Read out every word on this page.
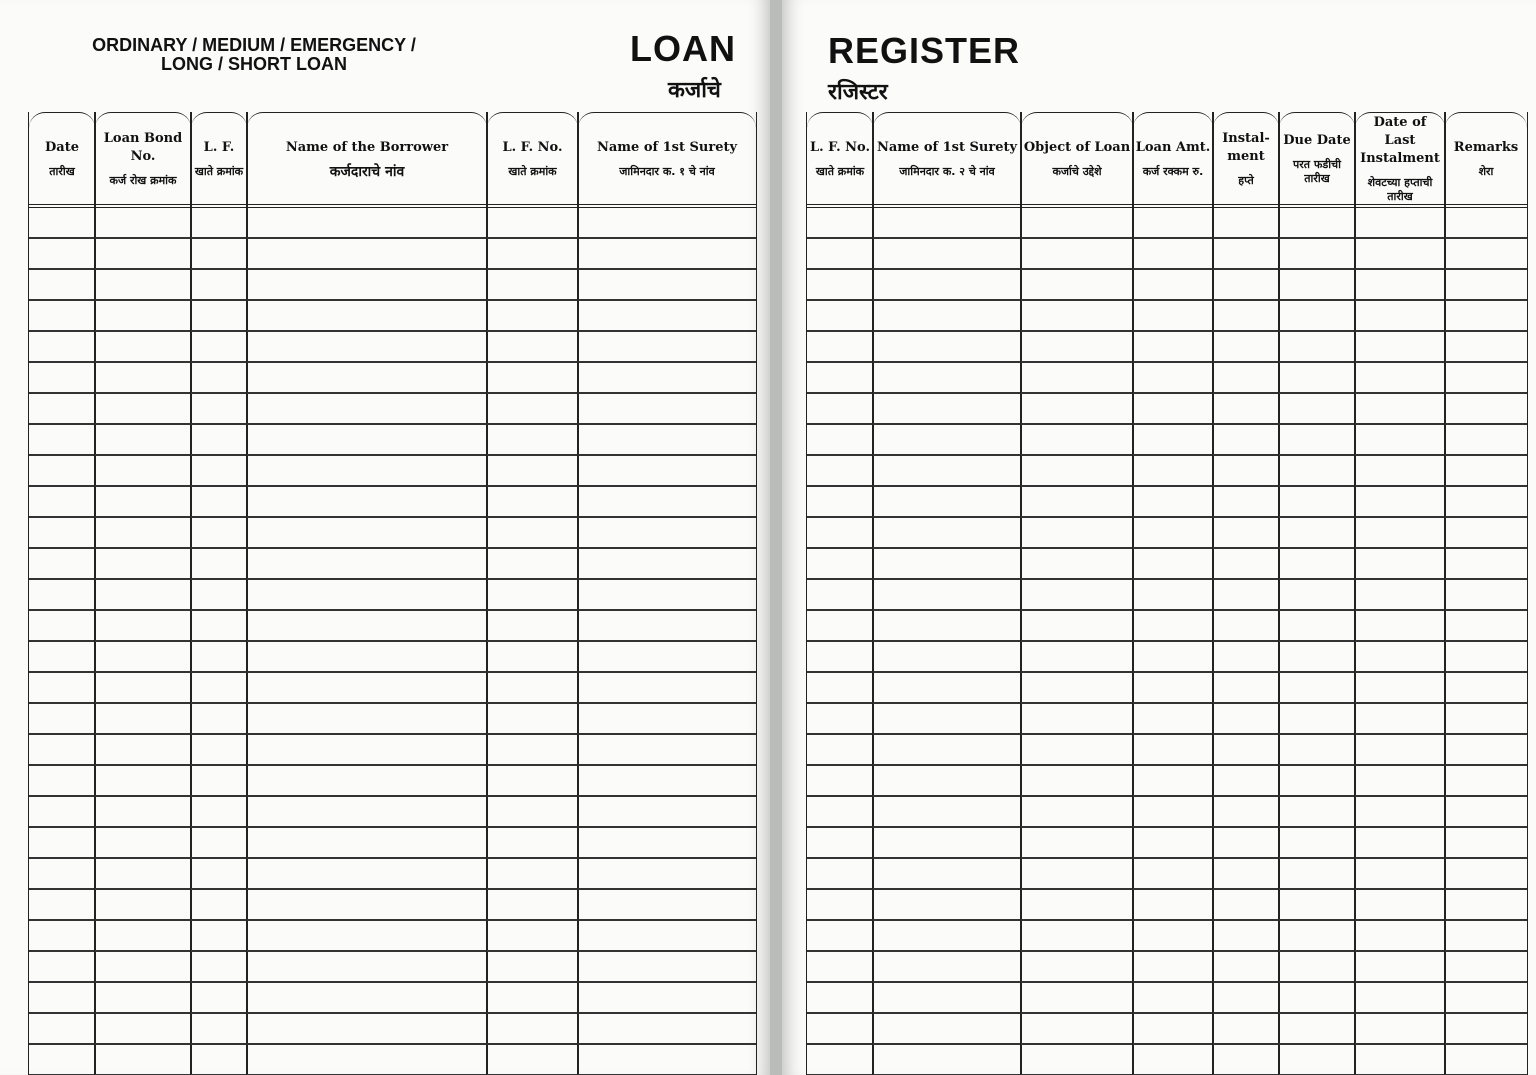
ORDINARY / MEDIUM / EMERGENCY /
LONG / SHORT LOAN	LOAN
कर्जाचे
Date
तारीख
Loan Bond No.
कर्ज रोख क्रमांक
L. F.
खाते क्रमांक
Name of the Borrower
कर्जदाराचे नांव
L. F. No.
खाते क्रमांक
Name of 1st Surety
जामिनदार क. १ चे नांव
REGISTER
रजिस्टर
L. F. No.
खाते क्रमांक
Name of 1st Surety
जामिनदार क. २ चे नांव
Object of Loan
कर्जाचे उद्देशे
Loan Amt.
कर्ज रक्कम रु.
Instal- ment
हप्ते
Due Date
परत फडीची तारीख
Date of Last Instalment
शेवटच्या हप्ताची तारीख
Remarks
शेरा
